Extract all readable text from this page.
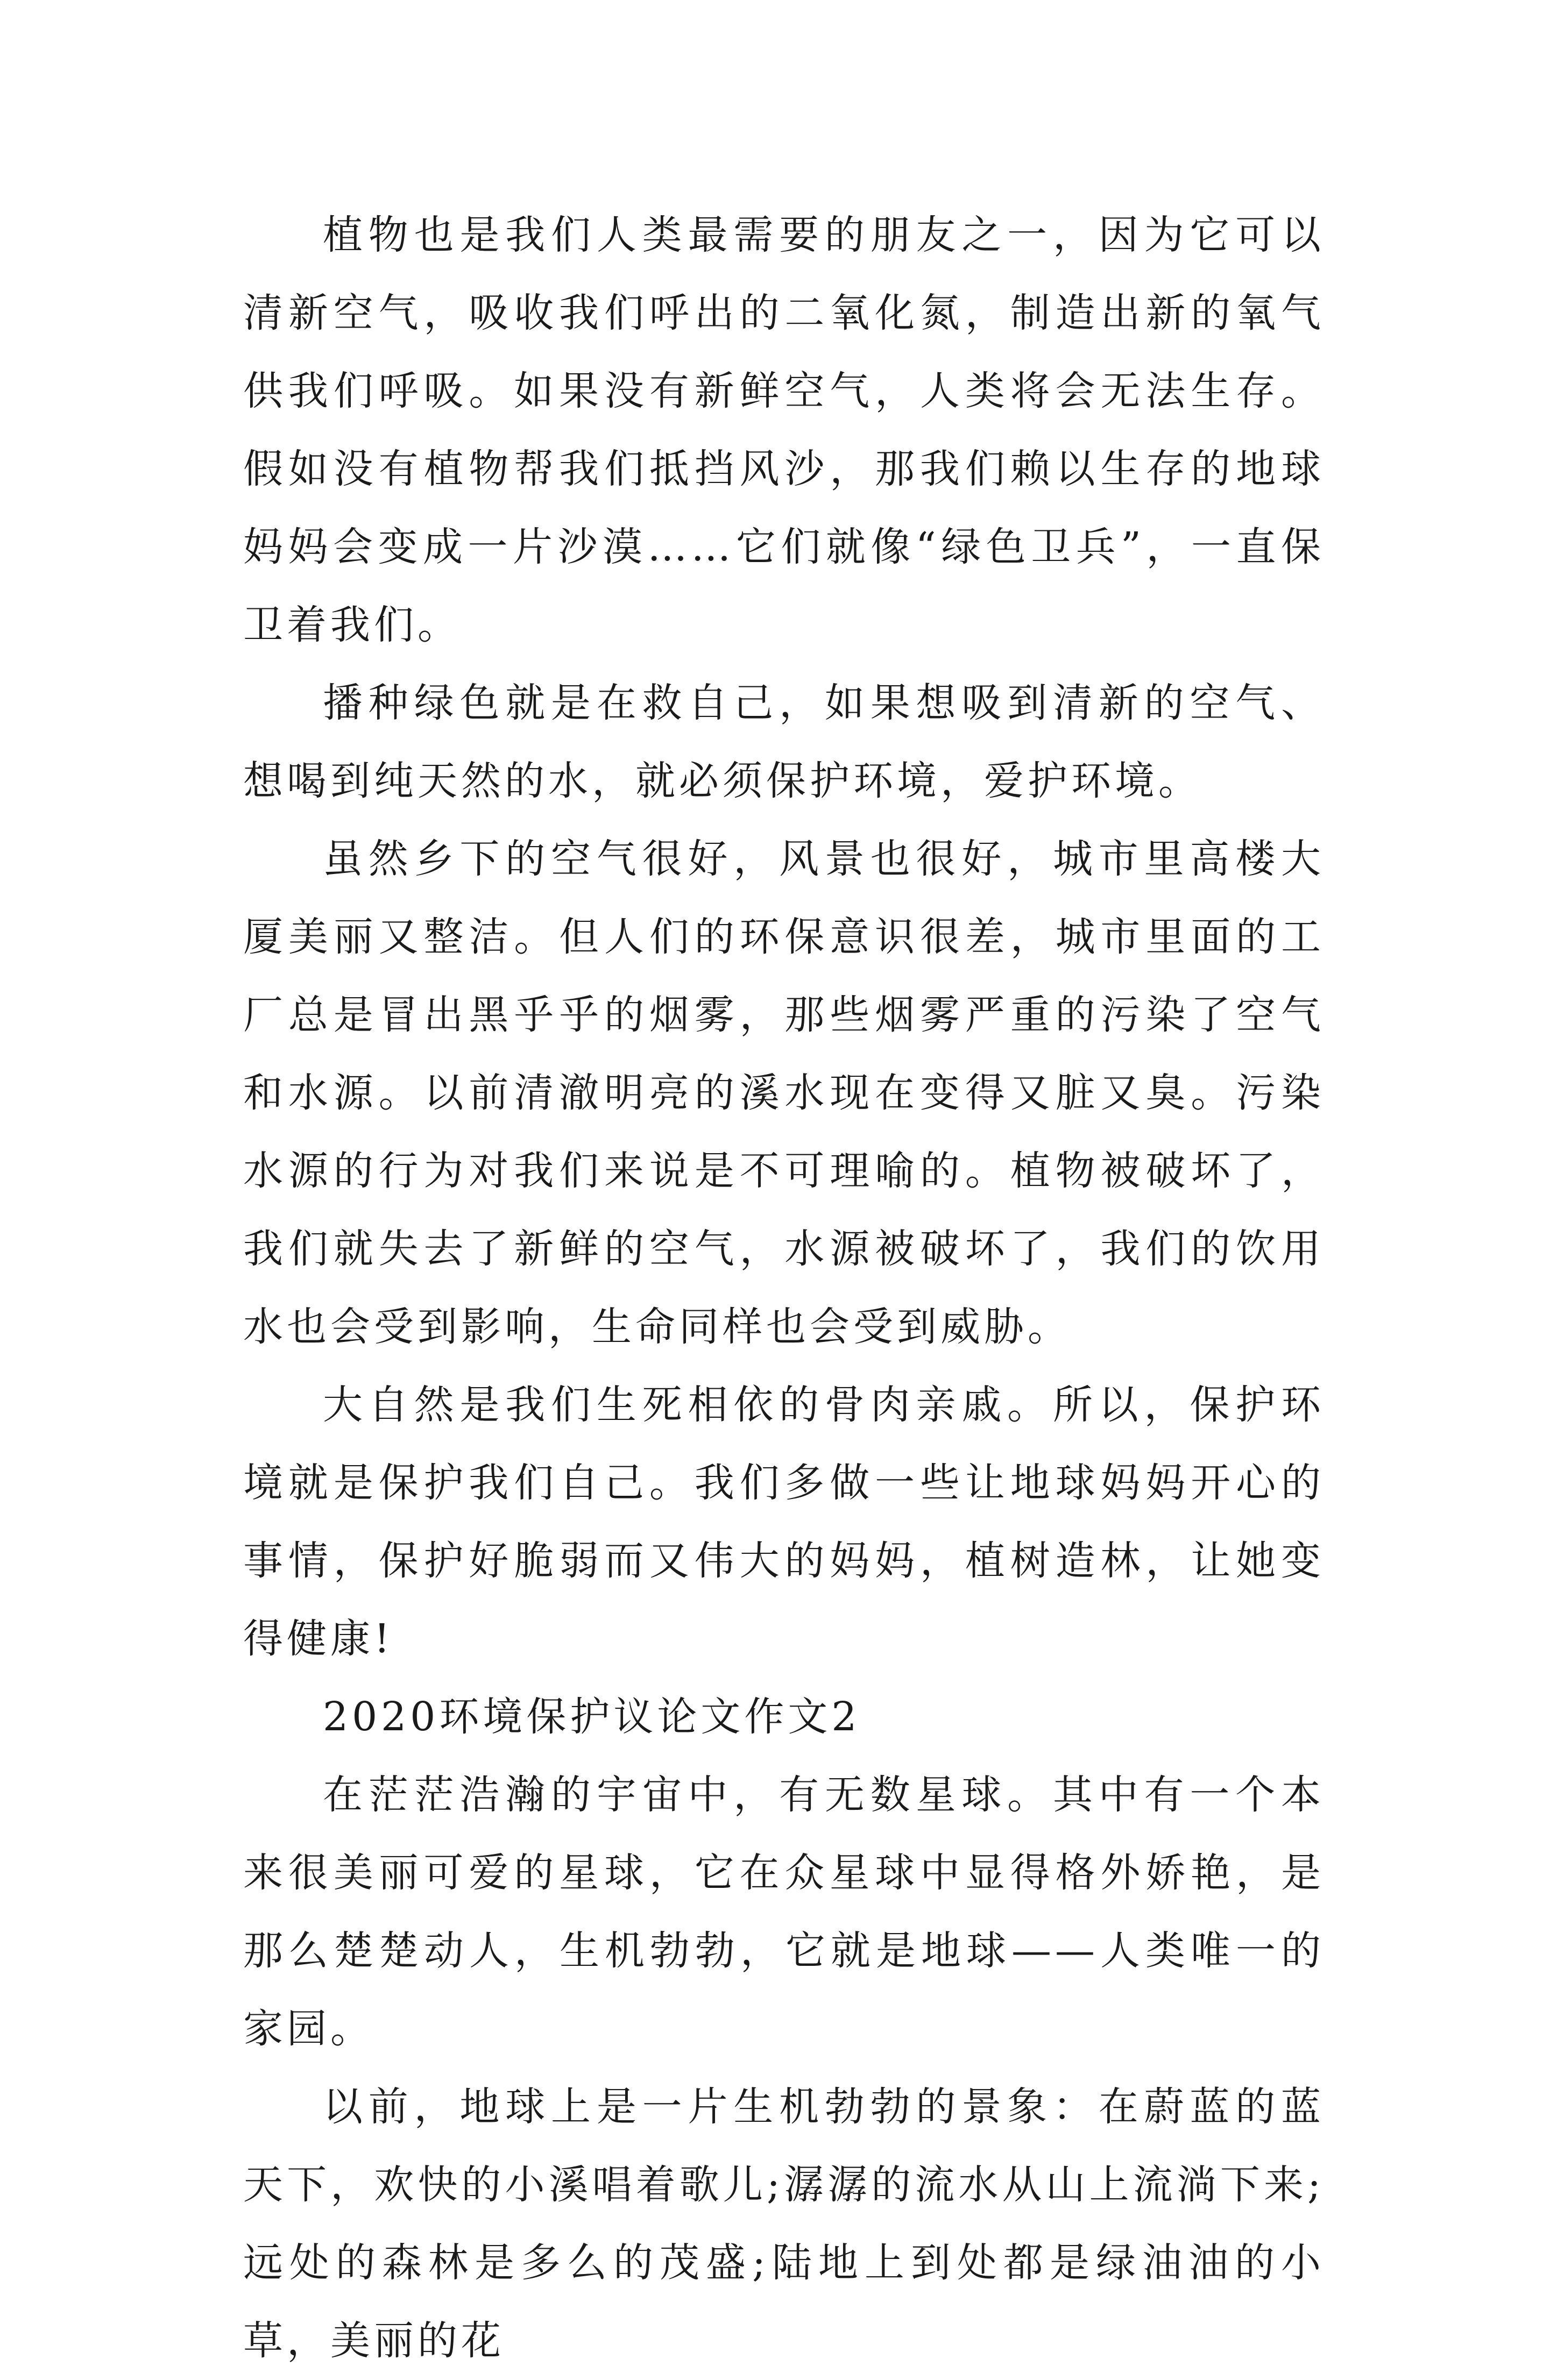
植物也是我们人类最需要的朋友之一，因为它可以清新空气，吸收我们呼出的二氧化氮，制造出新的氧气供我们呼吸。如果没有新鲜空气，人类将会无法生存。假如没有植物帮我们抵挡风沙，那我们赖以生存的地球妈妈会变成一片沙漠……它们就像“绿色卫兵”，一直保卫着我们。

播种绿色就是在救自己，如果想吸到清新的空气、想喝到纯天然的水，就必须保护环境，爱护环境。

虽然乡下的空气很好，风景也很好，城市里高楼大厦美丽又整洁。但人们的环保意识很差，城市里面的工厂总是冒出黑乎乎的烟雾，那些烟雾严重的污染了空气和水源。以前清澈明亮的溪水现在变得又脏又臭。污染水源的行为对我们来说是不可理喻的。植物被破坏了，我们就失去了新鲜的空气，水源被破坏了，我们的饮用水也会受到影响，生命同样也会受到威胁。

大自然是我们生死相依的骨肉亲戚。所以，保护环境就是保护我们自己。我们多做一些让地球妈妈开心的事情，保护好脆弱而又伟大的妈妈，植树造林，让她变得健康!

2020环境保护议论文作文2

在茫茫浩瀚的宇宙中，有无数星球。其中有一个本来很美丽可爱的星球，它在众星球中显得格外娇艳，是那么楚楚动人，生机勃勃，它就是地球——人类唯一的家园。

以前，地球上是一片生机勃勃的景象：在蔚蓝的蓝天下，欢快的小溪唱着歌儿;潺潺的流水从山上流淌下来;远处的森林是多么的茂盛;陆地上到处都是绿油油的小草，美丽的花
